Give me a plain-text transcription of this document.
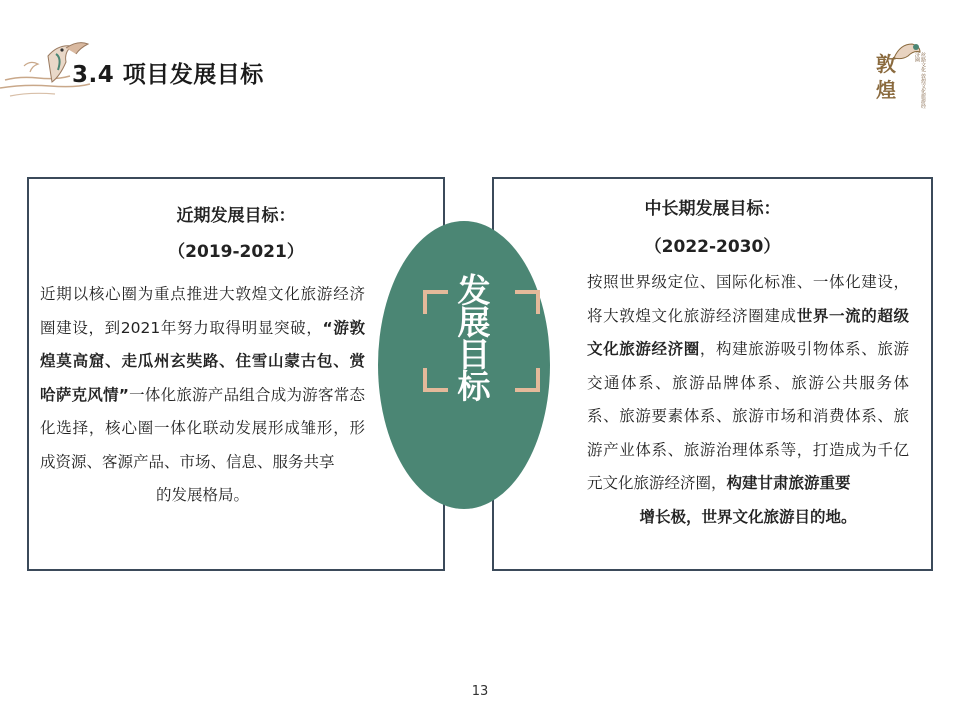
3.4 项目发展目标	敦
煌	丝路文化 敦煌文化旅游经济圈
近期发展目标：
（2019-2021）
近期以核心圈为重点推进大敦煌文化旅游经济圈建设，到2021年努力取得明显突破，“游敦煌莫高窟、走瓜州玄奘路、住雪山蒙古包、赏哈萨克风情”一体化旅游产品组合成为游客常态化选择，核心圈一体化联动发展形成雏形，形成资源、客源产品、市场、信息、服务共享
的发展格局。
中长期发展目标：
（2022-2030）
按照世界级定位、国际化标准、一体化建设，将大敦煌文化旅游经济圈建成世界一流的超级文化旅游经济圈，构建旅游吸引物体系、旅游交通体系、旅游品牌体系、旅游公共服务体系、旅游要素体系、旅游市场和消费体系、旅游产业体系、旅游治理体系等，打造成为千亿元文化旅游经济圈，构建甘肃旅游重要
增长极，世界文化旅游目的地。
发
展
目
标
13
